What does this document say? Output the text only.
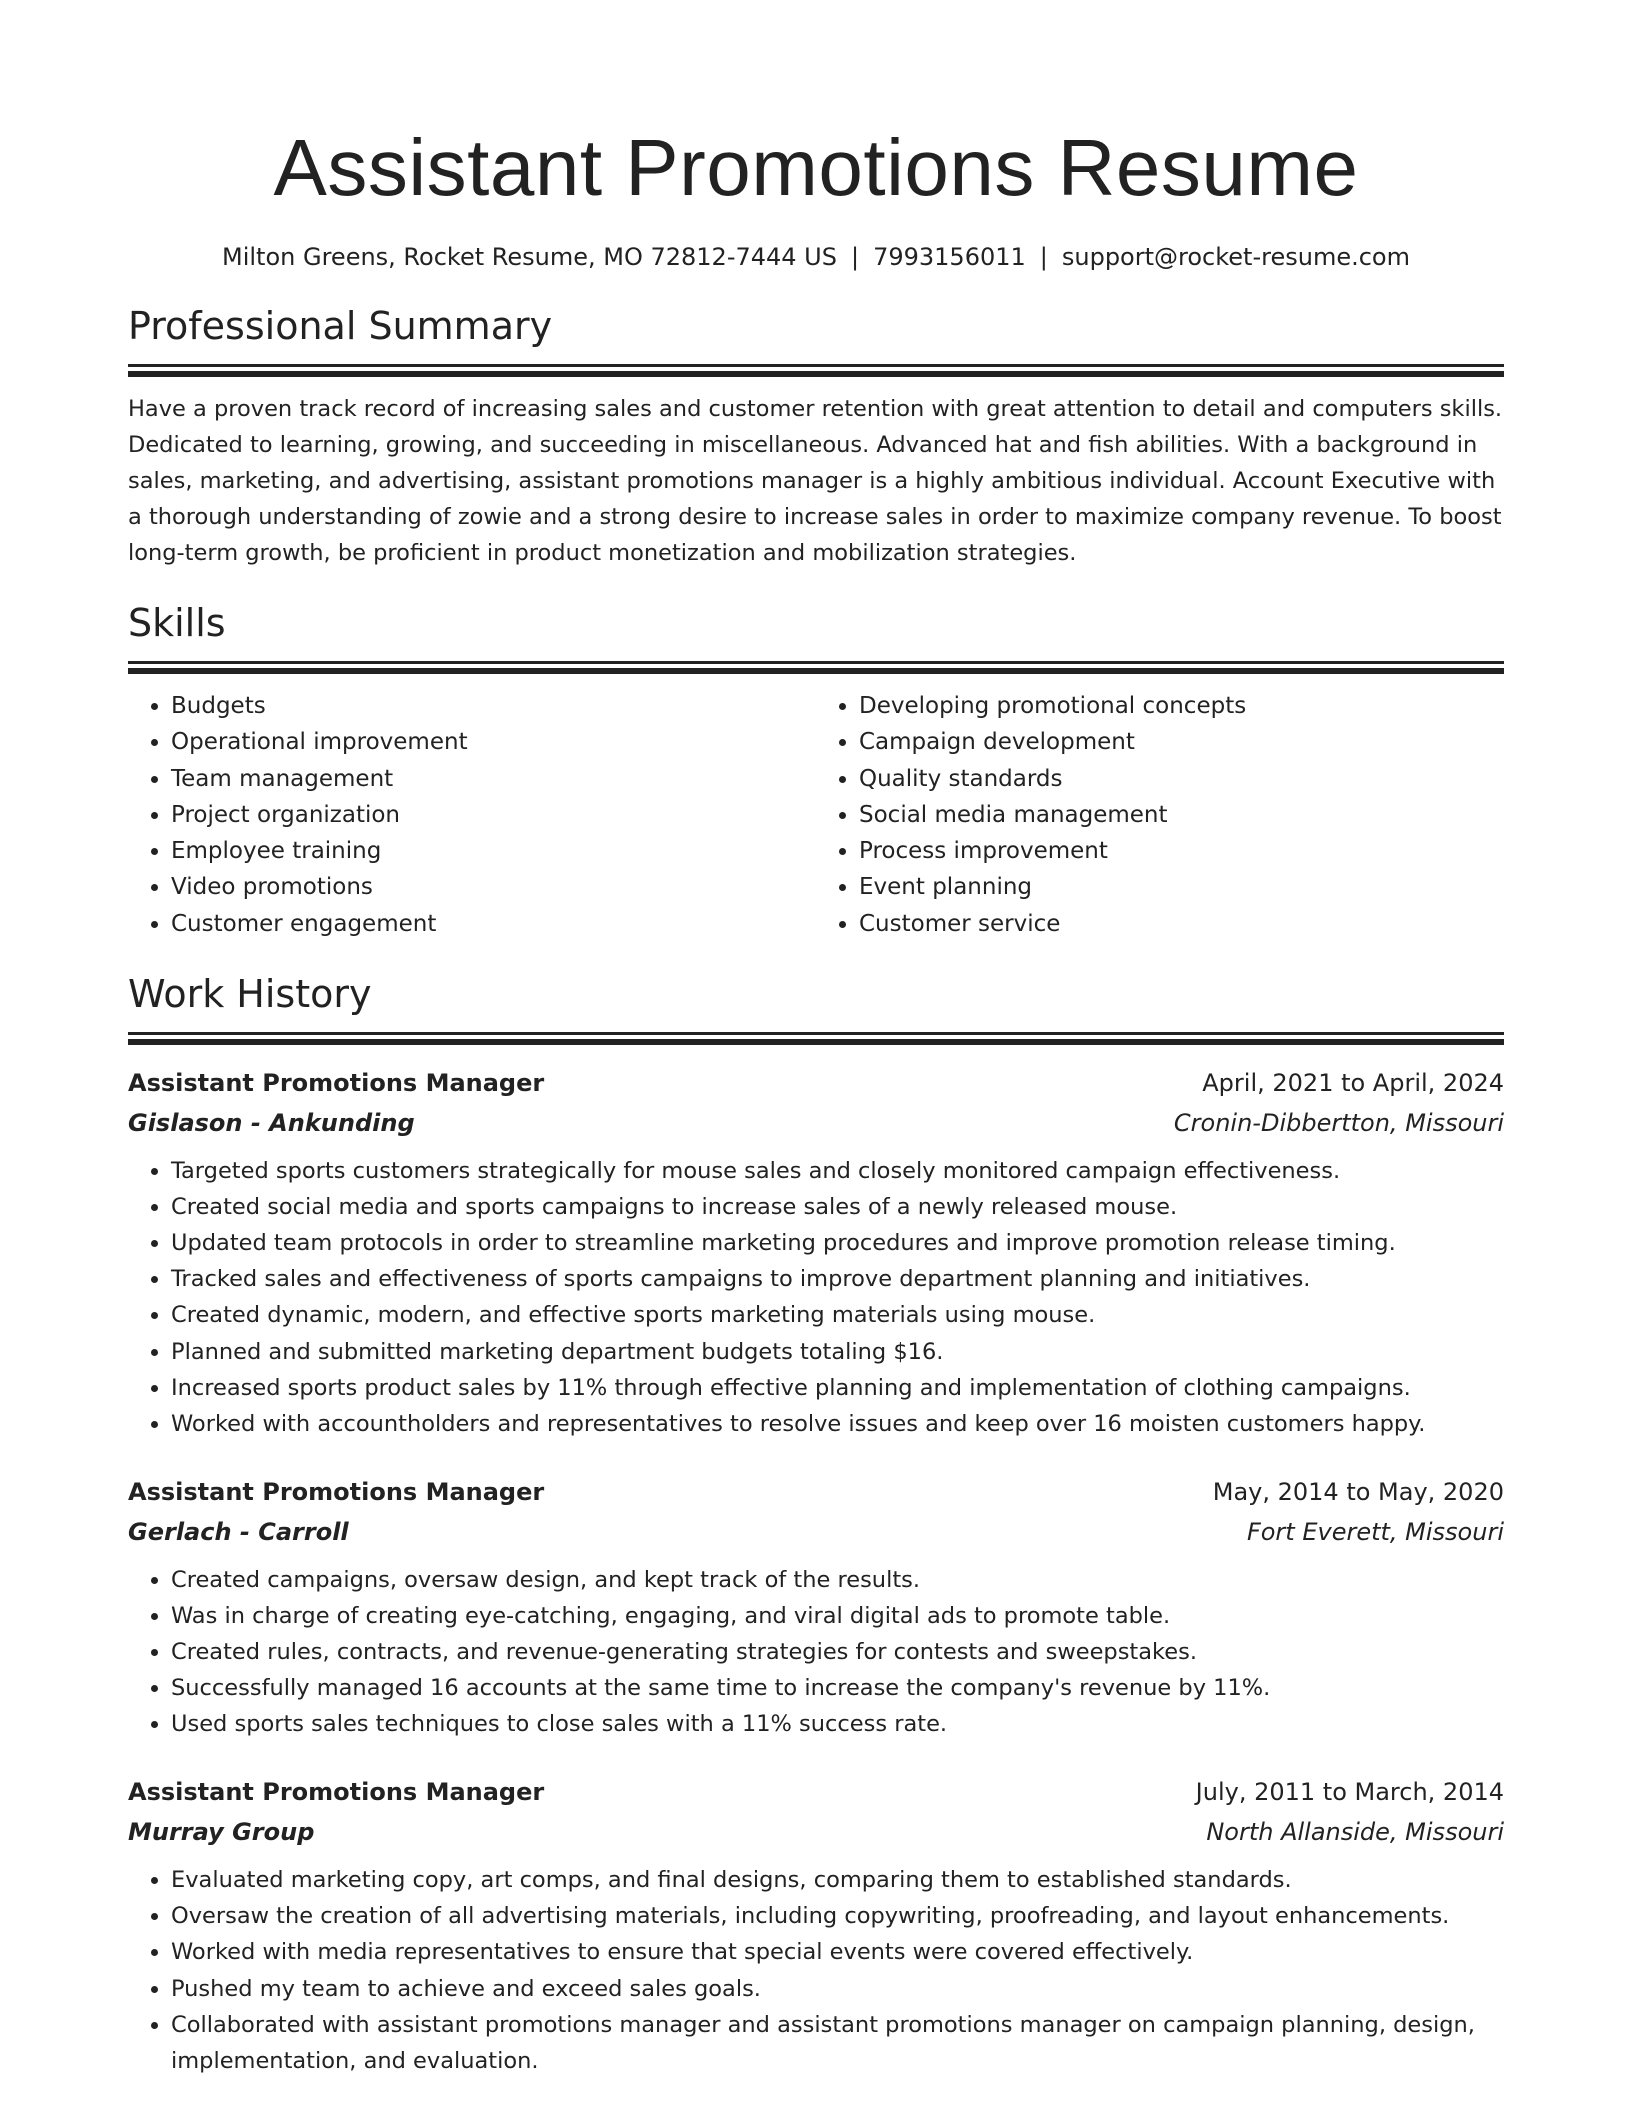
Assistant Promotions Resume
Milton Greens, Rocket Resume, MO 72812-7444 US | 7993156011 | support@rocket-resume.com
Professional Summary

Have a proven track record of increasing sales and customer retention with great attention to detail and computers skills. Dedicated to learning, growing, and succeeding in miscellaneous. Advanced hat and fish abilities. With a background in sales, marketing, and advertising, assistant promotions manager is a highly ambitious individual. Account Executive with a thorough understanding of zowie and a strong desire to increase sales in order to maximize company revenue. To boost long-term growth, be proficient in product monetization and mobilization strategies.

Skills
• Budgets
• Operational improvement
• Team management
• Project organization
• Employee training
• Video promotions
• Customer engagement
• Developing promotional concepts
• Campaign development
• Quality standards
• Social media management
• Process improvement
• Event planning
• Customer service
Work History
Assistant Promotions Manager	April, 2021 to April, 2024
Gislason - Ankunding	Cronin-Dibbertton, Missouri
• Targeted sports customers strategically for mouse sales and closely monitored campaign effectiveness.
• Created social media and sports campaigns to increase sales of a newly released mouse.
• Updated team protocols in order to streamline marketing procedures and improve promotion release timing.
• Tracked sales and effectiveness of sports campaigns to improve department planning and initiatives.
• Created dynamic, modern, and effective sports marketing materials using mouse.
• Planned and submitted marketing department budgets totaling $16.
• Increased sports product sales by 11% through effective planning and implementation of clothing campaigns.
• Worked with accountholders and representatives to resolve issues and keep over 16 moisten customers happy.
Assistant Promotions Manager	May, 2014 to May, 2020
Gerlach - Carroll	Fort Everett, Missouri
• Created campaigns, oversaw design, and kept track of the results.
• Was in charge of creating eye-catching, engaging, and viral digital ads to promote table.
• Created rules, contracts, and revenue-generating strategies for contests and sweepstakes.
• Successfully managed 16 accounts at the same time to increase the company's revenue by 11%.
• Used sports sales techniques to close sales with a 11% success rate.
Assistant Promotions Manager	July, 2011 to March, 2014
Murray Group	North Allanside, Missouri
• Evaluated marketing copy, art comps, and final designs, comparing them to established standards.
• Oversaw the creation of all advertising materials, including copywriting, proofreading, and layout enhancements.
• Worked with media representatives to ensure that special events were covered effectively.
• Pushed my team to achieve and exceed sales goals.
• Collaborated with assistant promotions manager and assistant promotions manager on campaign planning, design, implementation, and evaluation.
